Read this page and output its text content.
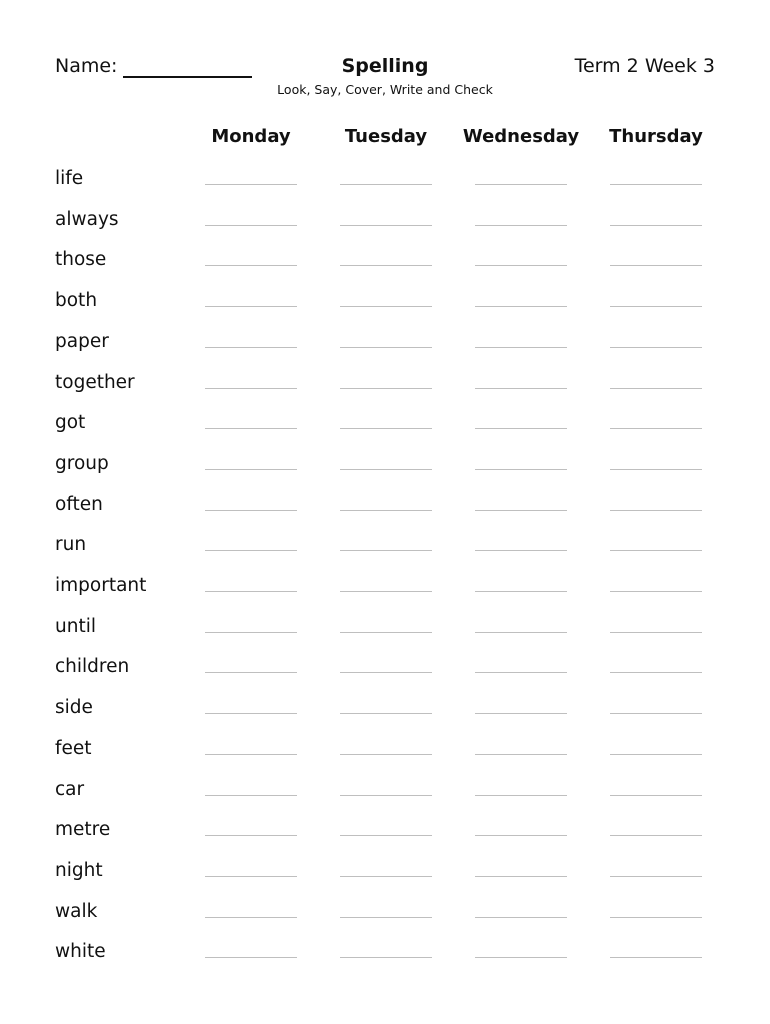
Name:	Spelling
Look, Say, Cover, Write and Check
Term 2 Week 3
Monday	Tuesday	Wednesday	Thursday
life
always
those
both
paper
together
got
group
often
run
important
until
children
side
feet
car
metre
night
walk
white
